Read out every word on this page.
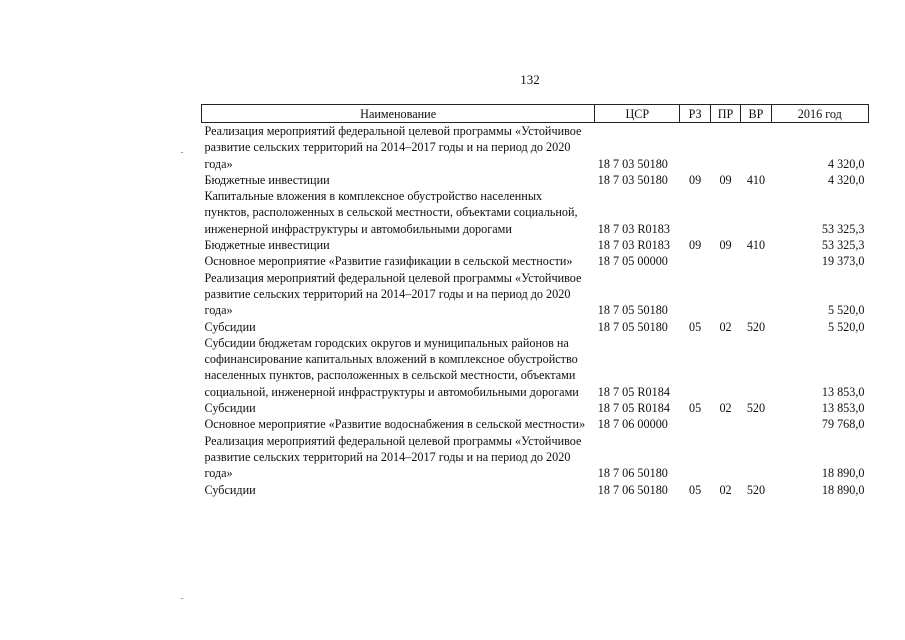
132
Наименование	ЦСР	РЗ	ПР	ВР	2016 год
Реализация мероприятий федеральной целевой программы «Устойчивое развитие сельских территорий на 2014–2017 годы и на период до 2020 года»	18 7 03 50180				4 320,0
Бюджетные инвестиции	18 7 03 50180	09	09	410	4 320,0
Капитальные вложения в комплексное обустройство населенных пунктов, расположенных в сельской местности, объектами социальной, инженерной инфраструктуры и автомобильными дорогами	18 7 03 R0183				53 325,3
Бюджетные инвестиции	18 7 03 R0183	09	09	410	53 325,3
Основное мероприятие «Развитие газификации в сельской местности»	18 7 05 00000				19 373,0
Реализация мероприятий федеральной целевой программы «Устойчивое развитие сельских территорий на 2014–2017 годы и на период до 2020 года»	18 7 05 50180				5 520,0
Субсидии	18 7 05 50180	05	02	520	5 520,0
Субсидии бюджетам городских округов и муниципальных районов на софинансирование капитальных вложений в комплексное обустройство населенных пунктов, расположенных в сельской местности, объектами социальной, инженерной инфраструктуры и автомобильными дорогами	18 7 05 R0184				13 853,0
Субсидии	18 7 05 R0184	05	02	520	13 853,0
Основное мероприятие «Развитие водоснабжения в сельской местности»	18 7 06 00000				79 768,0
Реализация мероприятий федеральной целевой программы «Устойчивое развитие сельских территорий на 2014–2017 годы и на период до 2020 года»	18 7 06 50180				18 890,0
Субсидии	18 7 06 50180	05	02	520	18 890,0
